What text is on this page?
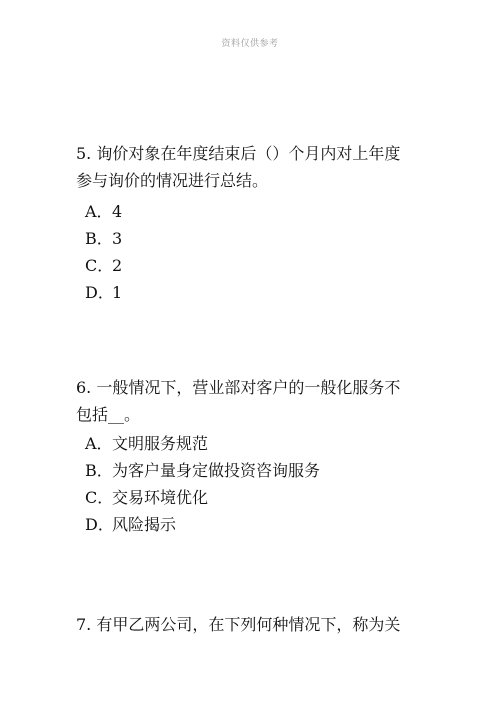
资料仅供参考

5. 询价对象在年度结束后（）个月内对上年度
参与询价的情况进行总结。

A．4
B．3
C．2
D．1

6. 一般情况下，营业部对客户的一般化服务不
包括__。

A．文明服务规范
B．为客户量身定做投资咨询服务
C．交易环境优化
D．风险揭示

7. 有甲乙两公司，在下列何种情况下，称为关
